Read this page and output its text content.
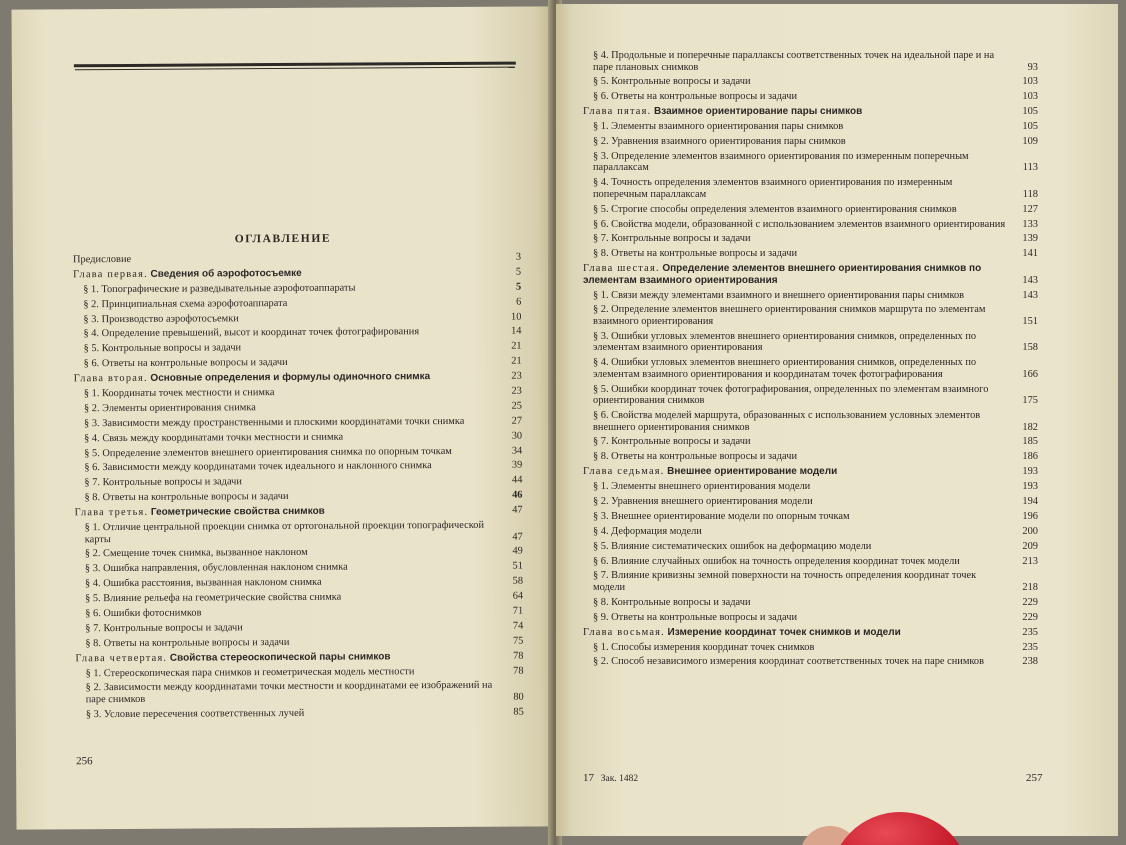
ОГЛАВЛЕНИЕ
Предисловие	3
Глава первая. Сведения об аэрофотосъемке	5
§ 1. Топографические и разведывательные аэрофотоаппараты	5
§ 2. Принципиальная схема аэрофотоаппарата	6
§ 3. Производство аэрофотосъемки	10
§ 4. Определение превышений, высот и координат точек фотографирования	14
§ 5. Контрольные вопросы и задачи	21
§ 6. Ответы на контрольные вопросы и задачи	21
Глава вторая. Основные определения и формулы одиночного снимка	23
§ 1. Координаты точек местности и снимка	23
§ 2. Элементы ориентирования снимка	25
§ 3. Зависимости между пространственными и плоскими координатами точки снимка	27
§ 4. Связь между координатами точки местности и снимка	30
§ 5. Определение элементов внешнего ориентирования снимка по опорным точкам	34
§ 6. Зависимости между координатами точек идеального и наклонного снимка	39
§ 7. Контрольные вопросы и задачи	44
§ 8. Ответы на контрольные вопросы и задачи	46
Глава третья. Геометрические свойства снимков	47
§ 1. Отличие центральной проекции снимка от ортогональной проекции топографической карты	47
§ 2. Смещение точек снимка, вызванное наклоном	49
§ 3. Ошибка направления, обусловленная наклоном снимка	51
§ 4. Ошибка расстояния, вызванная наклоном снимка	58
§ 5. Влияние рельефа на геометрические свойства снимка	64
§ 6. Ошибки фотоснимков	71
§ 7. Контрольные вопросы и задачи	74
§ 8. Ответы на контрольные вопросы и задачи	75
Глава четвертая. Свойства стереоскопической пары снимков	78
§ 1. Стереоскопическая пара снимков и геометрическая модель местности	78
§ 2. Зависимости между координатами точки местности и координатами ее изображений на паре снимков	80
§ 3. Условие пересечения соответственных лучей	85
256
§ 4. Продольные и поперечные параллаксы соответственных точек на идеальной паре и на паре плановых снимков	93
§ 5. Контрольные вопросы и задачи	103
§ 6. Ответы на контрольные вопросы и задачи	103
Глава пятая. Взаимное ориентирование пары снимков	105
§ 1. Элементы взаимного ориентирования пары снимков	105
§ 2. Уравнения взаимного ориентирования пары снимков	109
§ 3. Определение элементов взаимного ориентирования по измеренным поперечным параллаксам	113
§ 4. Точность определения элементов взаимного ориентирования по измеренным поперечным параллаксам	118
§ 5. Строгие способы определения элементов взаимного ориентирования снимков	127
§ 6. Свойства модели, образованной с использованием элементов взаимного ориентирования	133
§ 7. Контрольные вопросы и задачи	139
§ 8. Ответы на контрольные вопросы и задачи	141
Глава шестая. Определение элементов внешнего ориентирования снимков по элементам взаимного ориентирования	143
§ 1. Связи между элементами взаимного и внешнего ориентирования пары снимков	143
§ 2. Определение элементов внешнего ориентирования снимков маршрута по элементам взаимного ориентирования	151
§ 3. Ошибки угловых элементов внешнего ориентирования снимков, определенных по элементам взаимного ориентирования	158
§ 4. Ошибки угловых элементов внешнего ориентирования снимков, определенных по элементам взаимного ориентирования и координатам точек фотографирования	166
§ 5. Ошибки координат точек фотографирования, определенных по элементам взаимного ориентирования снимков	175
§ 6. Свойства моделей маршрута, образованных с использованием условных элементов внешнего ориентирования снимков	182
§ 7. Контрольные вопросы и задачи	185
§ 8. Ответы на контрольные вопросы и задачи	186
Глава седьмая. Внешнее ориентирование модели	193
§ 1. Элементы внешнего ориентирования модели	193
§ 2. Уравнения внешнего ориентирования модели	194
§ 3. Внешнее ориентирование модели по опорным точкам	196
§ 4. Деформация модели	200
§ 5. Влияние систематических ошибок на деформацию модели	209
§ 6. Влияние случайных ошибок на точность определения координат точек модели	213
§ 7. Влияние кривизны земной поверхности на точность определения координат точек модели	218
§ 8. Контрольные вопросы и задачи	229
§ 9. Ответы на контрольные вопросы и задачи	229
Глава восьмая. Измерение координат точек снимков и модели	235
§ 1. Способы измерения координат точек снимков	235
§ 2. Способ независимого измерения координат соответственных точек на паре снимков	238
17 Зак. 1482	257
